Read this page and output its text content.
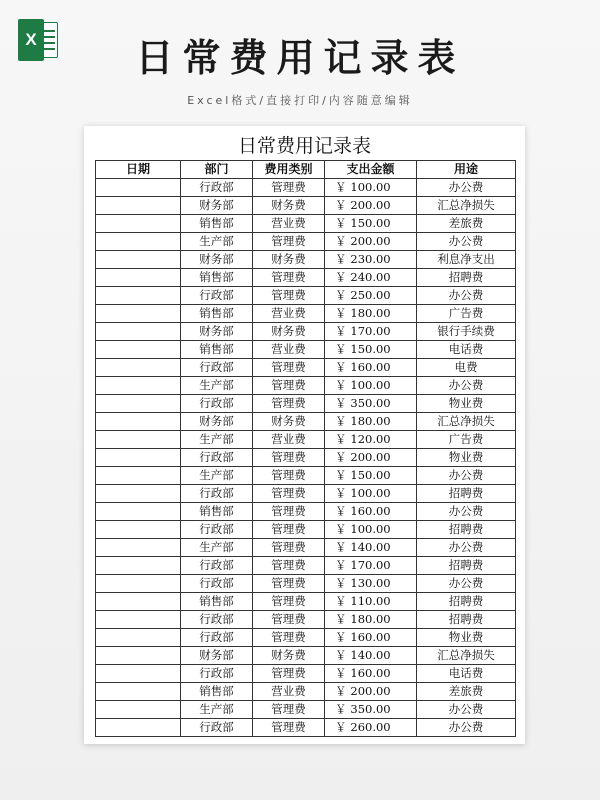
X	日常费用记录表
Excel格式/直接打印/内容随意编辑
日常费用记录表
日期	部门	费用类别	支出金额	用途
	行政部	管理费	￥ 100.00	办公费
	财务部	财务费	￥ 200.00	汇总净损失
	销售部	营业费	￥ 150.00	差旅费
	生产部	管理费	￥ 200.00	办公费
	财务部	财务费	￥ 230.00	利息净支出
	销售部	管理费	￥ 240.00	招聘费
	行政部	管理费	￥ 250.00	办公费
	销售部	营业费	￥ 180.00	广告费
	财务部	财务费	￥ 170.00	银行手续费
	销售部	营业费	￥ 150.00	电话费
	行政部	管理费	￥ 160.00	电费
	生产部	管理费	￥ 100.00	办公费
	行政部	管理费	￥ 350.00	物业费
	财务部	财务费	￥ 180.00	汇总净损失
	生产部	营业费	￥ 120.00	广告费
	行政部	管理费	￥ 200.00	物业费
	生产部	管理费	￥ 150.00	办公费
	行政部	管理费	￥ 100.00	招聘费
	销售部	管理费	￥ 160.00	办公费
	行政部	管理费	￥ 100.00	招聘费
	生产部	管理费	￥ 140.00	办公费
	行政部	管理费	￥ 170.00	招聘费
	行政部	管理费	￥ 130.00	办公费
	销售部	管理费	￥ 110.00	招聘费
	行政部	管理费	￥ 180.00	招聘费
	行政部	管理费	￥ 160.00	物业费
	财务部	财务费	￥ 140.00	汇总净损失
	行政部	管理费	￥ 160.00	电话费
	销售部	营业费	￥ 200.00	差旅费
	生产部	管理费	￥ 350.00	办公费
	行政部	管理费	￥ 260.00	办公费
